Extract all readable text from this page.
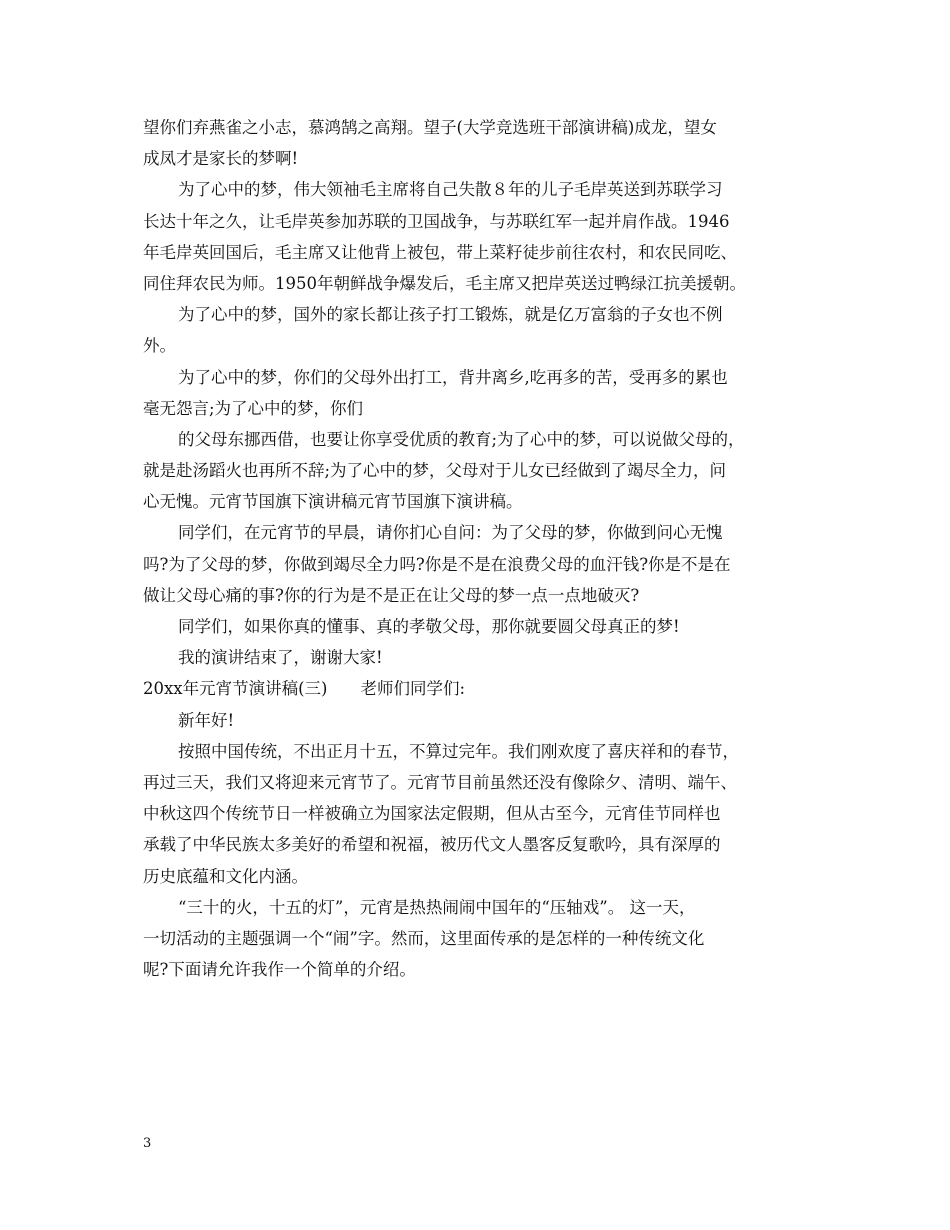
望你们弃燕雀之小志，慕鸿鹄之高翔。望子(大学竞选班干部演讲稿)成龙，望女
成凤才是家长的梦啊!
为了心中的梦，伟大领袖毛主席将自己失散８年的儿子毛岸英送到苏联学习
长达十年之久，让毛岸英参加苏联的卫国战争，与苏联红军一起并肩作战。1946
年毛岸英回国后，毛主席又让他背上被包，带上菜籽徒步前往农村，和农民同吃、
同住拜农民为师。1950年朝鲜战争爆发后，毛主席又把岸英送过鸭绿江抗美援朝。
为了心中的梦，国外的家长都让孩子打工锻炼，就是亿万富翁的子女也不例
外。
为了心中的梦，你们的父母外出打工，背井离乡,吃再多的苦，受再多的累也
毫无怨言;为了心中的梦，你们
的父母东挪西借，也要让你享受优质的教育;为了心中的梦，可以说做父母的，
就是赴汤蹈火也再所不辞;为了心中的梦，父母对于儿女已经做到了竭尽全力，问
心无愧。元宵节国旗下演讲稿元宵节国旗下演讲稿。
同学们，在元宵节的早晨，请你扪心自问：为了父母的梦，你做到问心无愧
吗?为了父母的梦，你做到竭尽全力吗?你是不是在浪费父母的血汗钱?你是不是在
做让父母心痛的事?你的行为是不是正在让父母的梦一点一点地破灭?
同学们，如果你真的懂事、真的孝敬父母，那你就要圆父母真正的梦!
我的演讲结束了，谢谢大家!
20xx年元宵节演讲稿(三)　　老师们同学们:
新年好!
按照中国传统，不出正月十五，不算过完年。我们刚欢度了喜庆祥和的春节，
再过三天，我们又将迎来元宵节了。元宵节目前虽然还没有像除夕、清明、端午、
中秋这四个传统节日一样被确立为国家法定假期，但从古至今，元宵佳节同样也
承载了中华民族太多美好的希望和祝福，被历代文人墨客反复歌吟，具有深厚的
历史底蕴和文化内涵。
“三十的火，十五的灯”，元宵是热热闹闹中国年的“压轴戏”。 这一天，
一切活动的主题强调一个“闹”字。然而，这里面传承的是怎样的一种传统文化
呢?下面请允许我作一个简单的介绍。
3
